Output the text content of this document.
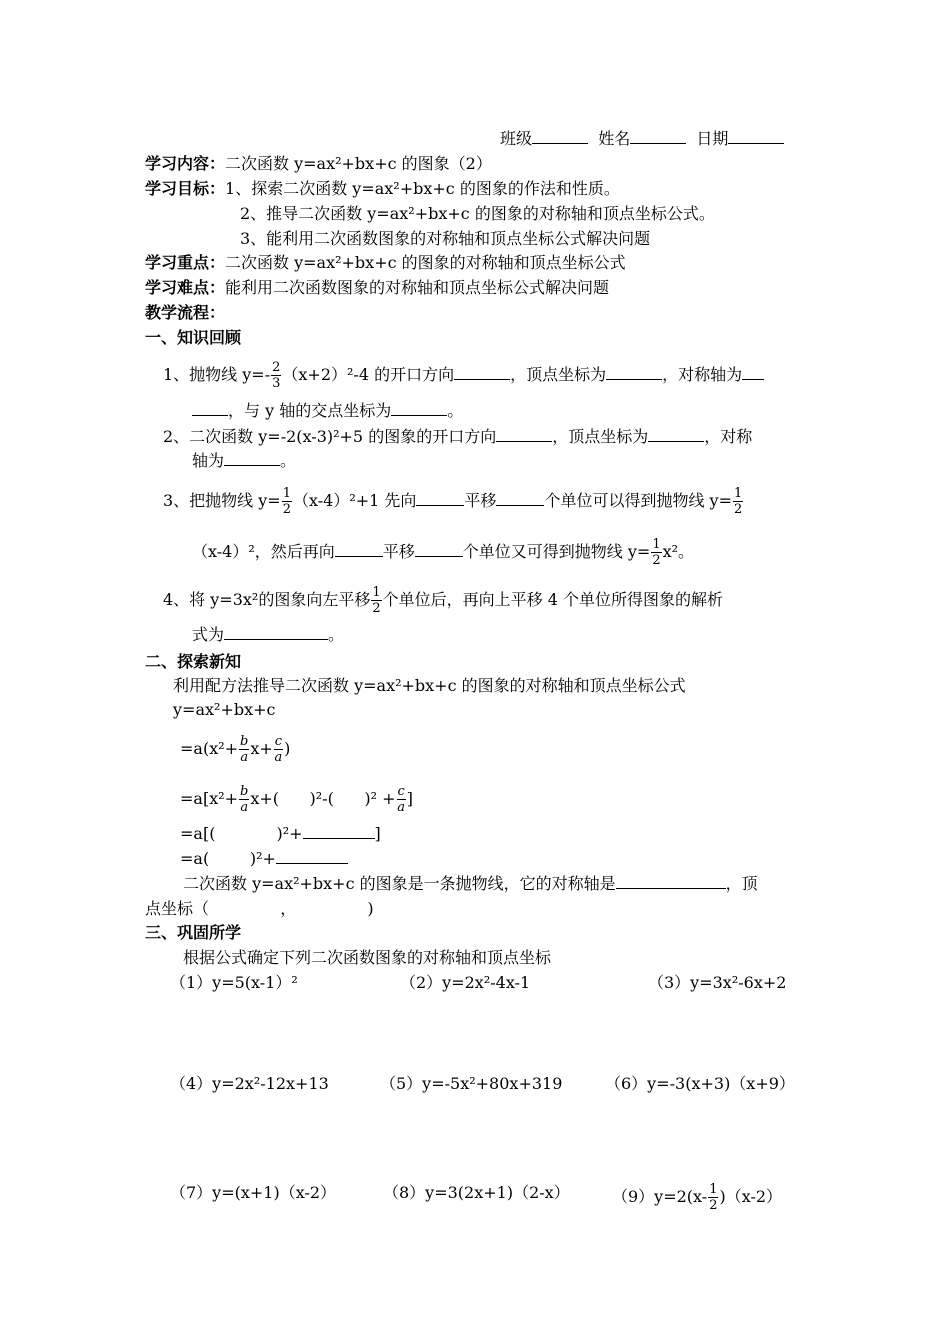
班级	姓名	日期
学习内容：二次函数 y=ax²+bx+c 的图象（2）
学习目标：1、探索二次函数 y=ax²+bx+c 的图象的作法和性质。
2、推导二次函数 y=ax²+bx+c 的图象的对称轴和顶点坐标公式。
3、能利用二次函数图象的对称轴和顶点坐标公式解决问题
学习重点：二次函数 y=ax²+bx+c 的图象的对称轴和顶点坐标公式
学习难点：能利用二次函数图象的对称轴和顶点坐标公式解决问题
教学流程：
一、知识回顾
1、抛物线 $y=- \frac{2}{3} (x+2)^2-4$ 的开口方向	，顶点坐标为	，对称轴为
，与 y 轴的交点坐标为	。
2、二次函数 y=-2(x-3)²+5 的图象的开口方向	，顶点坐标为	，对称
轴为	。
3、把抛物线 $y= \frac{1}{2} (x-4)^2+1$ 先向	平移	个单位可以得到抛物线 $y= \frac{1}{2}$
（x-4）²，然后再向	平移	个单位又可得到抛物线 $y= \frac{1}{2} x^2$。
4、将 y=3x²的图象向左平移 $\frac{1}{2}$ 个单位后，再向上平移 4 个单位所得图象的解析
式为	。
二、探索新知
利用配方法推导二次函数 y=ax²+bx+c 的图象的对称轴和顶点坐标公式
y=ax²+bx+c
$=a(x^2+ \frac{b}{a} x+ \frac{c}{a}$ )
$=a[x^2+ \frac{b}{a} x+$(      )²-(      )$^2 + \frac{c}{a}$ ]
=a[(            )²+	]
=a(        )²+
二次函数 y=ax²+bx+c 的图象是一条抛物线，它的对称轴是	，顶
点坐标（              ，              )
三、巩固所学
根据公式确定下列二次函数图象的对称轴和顶点坐标
（1）y=5(x-1）²	（2）y=2x²-4x-1	（3）y=3x²-6x+2
（4）y=2x²-12x+13	（5）y=-5x²+80x+319	（6）y=-3(x+3)（x+9）
（7）y=(x+1)（x-2）	（8）y=3(2x+1)（2-x）	$(9)y=2(x- \frac{1}{2} )(x-2)$
